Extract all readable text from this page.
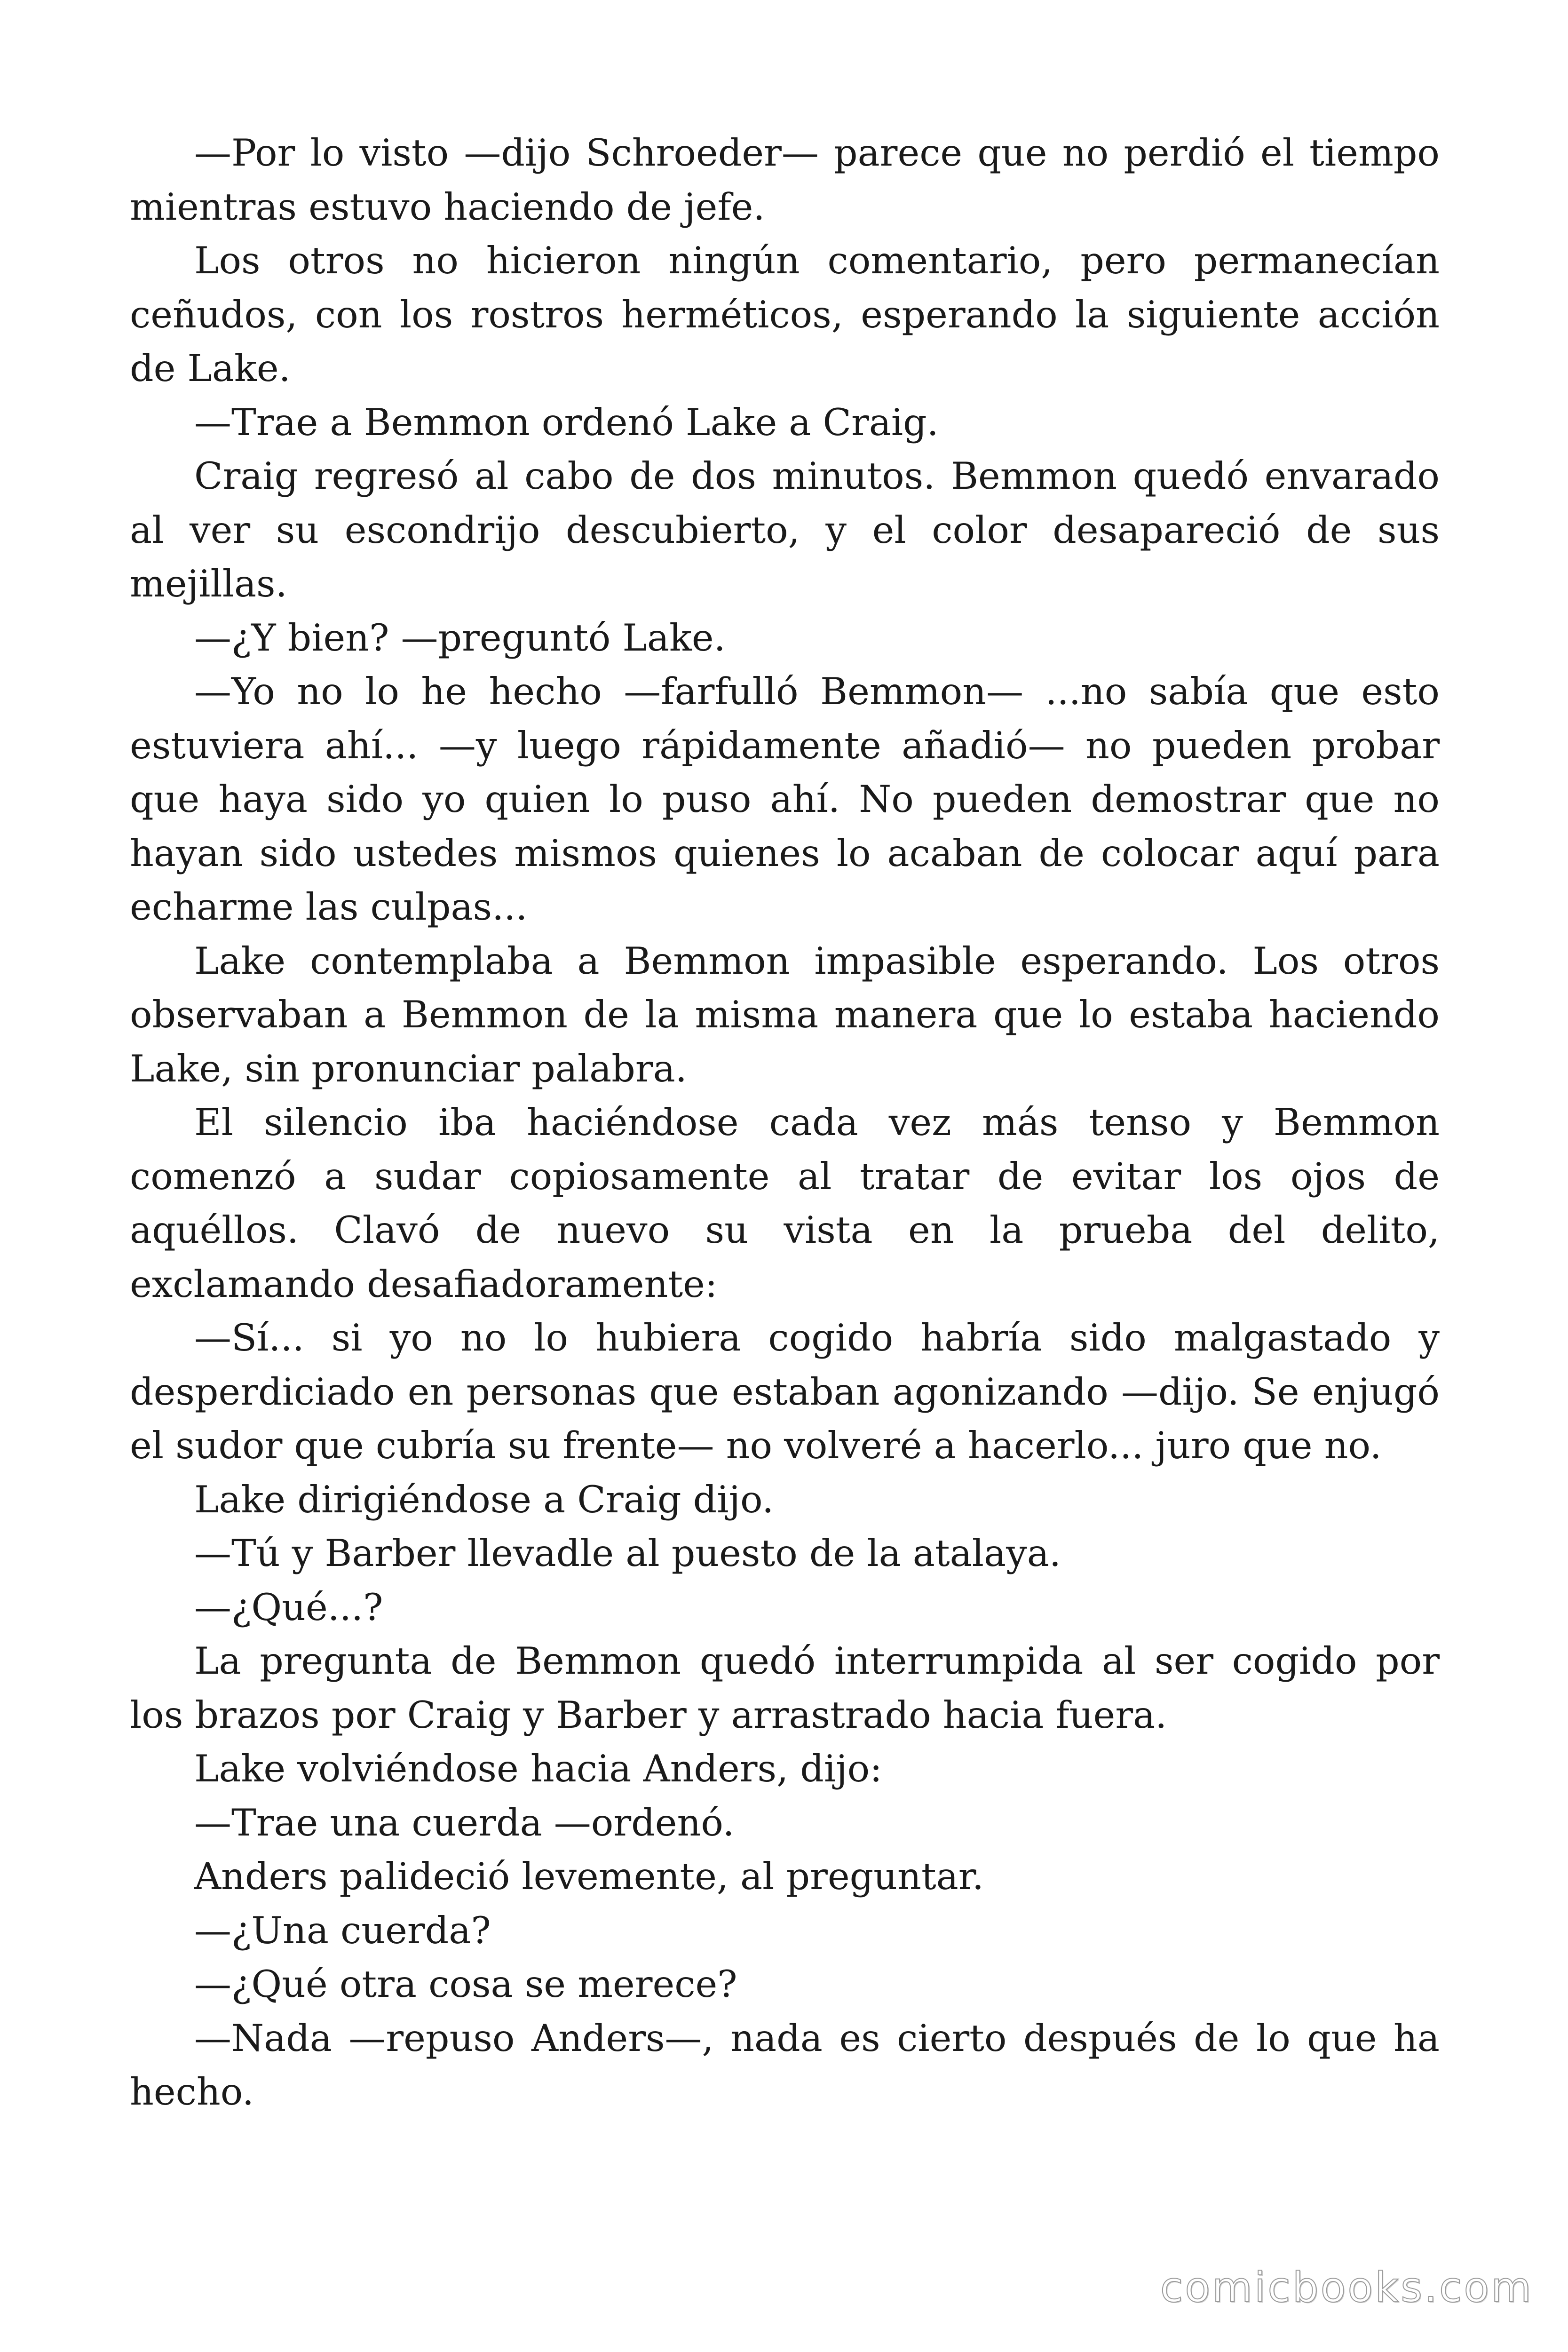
—Por lo visto —dijo Schroeder— parece que no perdió el tiempo mientras estuvo haciendo de jefe.

Los otros no hicieron ningún comentario, pero permanecían ceñudos, con los rostros herméticos, esperando la siguiente acción de Lake.

—Trae a Bemmon ordenó Lake a Craig.

Craig regresó al cabo de dos minutos. Bemmon quedó envarado al ver su escondrijo descubierto, y el color desapareció de sus mejillas.

—¿Y bien? —preguntó Lake.

—Yo no lo he hecho —farfulló Bemmon— ...no sabía que esto estuviera ahí... —y luego rápidamente añadió— no pueden probar que haya sido yo quien lo puso ahí. No pueden demostrar que no hayan sido ustedes mismos quienes lo acaban de colocar aquí para echarme las culpas...

Lake contemplaba a Bemmon impasible esperando. Los otros observaban a Bemmon de la misma manera que lo estaba haciendo Lake, sin pronunciar palabra.

El silencio iba haciéndose cada vez más tenso y Bemmon comenzó a sudar copiosamente al tratar de evitar los ojos de aquéllos. Clavó de nuevo su vista en la prueba del delito, exclamando desafiadoramente:

—Sí... si yo no lo hubiera cogido habría sido malgastado y desperdiciado en personas que estaban agonizando —dijo. Se enjugó el sudor que cubría su frente— no volveré a hacerlo... juro que no.

Lake dirigiéndose a Craig dijo.

—Tú y Barber llevadle al puesto de la atalaya.

—¿Qué...?

La pregunta de Bemmon quedó interrumpida al ser cogido por los brazos por Craig y Barber y arrastrado hacia fuera.

Lake volviéndose hacia Anders, dijo:

—Trae una cuerda —ordenó.

Anders palideció levemente, al preguntar.

—¿Una cuerda?

—¿Qué otra cosa se merece?

—Nada —repuso Anders—, nada es cierto después de lo que ha hecho.

comicbooks.com
